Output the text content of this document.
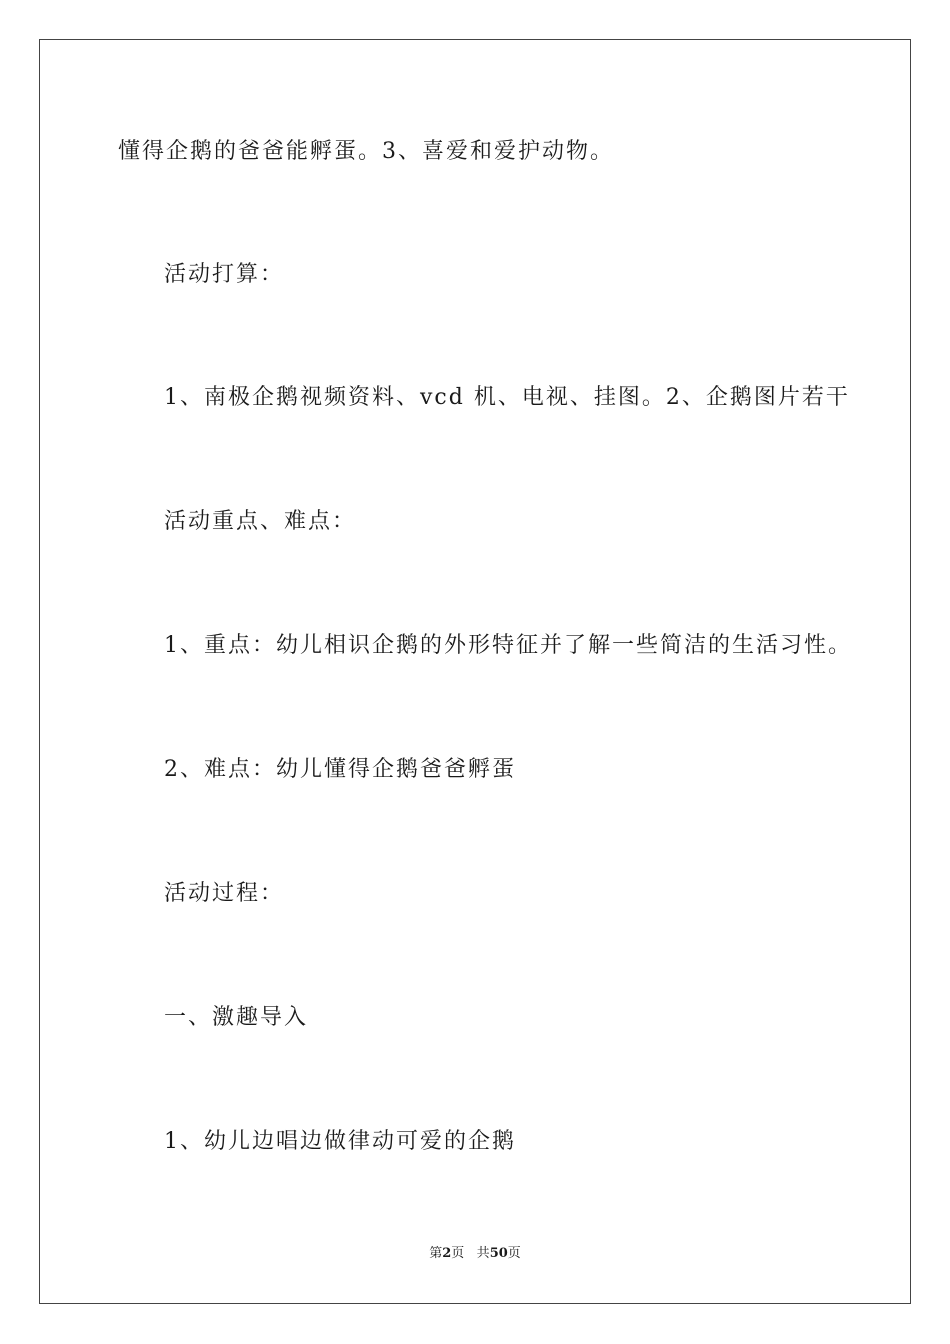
懂得企鹅的爸爸能孵蛋。3、喜爱和爱护动物。
活动打算：
1、南极企鹅视频资料、vcd 机、电视、挂图。2、企鹅图片若干
活动重点、难点：
1、重点：幼儿相识企鹅的外形特征并了解一些简洁的生活习性。
2、难点：幼儿懂得企鹅爸爸孵蛋
活动过程：
一、激趣导入
1、幼儿边唱边做律动可爱的企鹅
第2页 共50页
